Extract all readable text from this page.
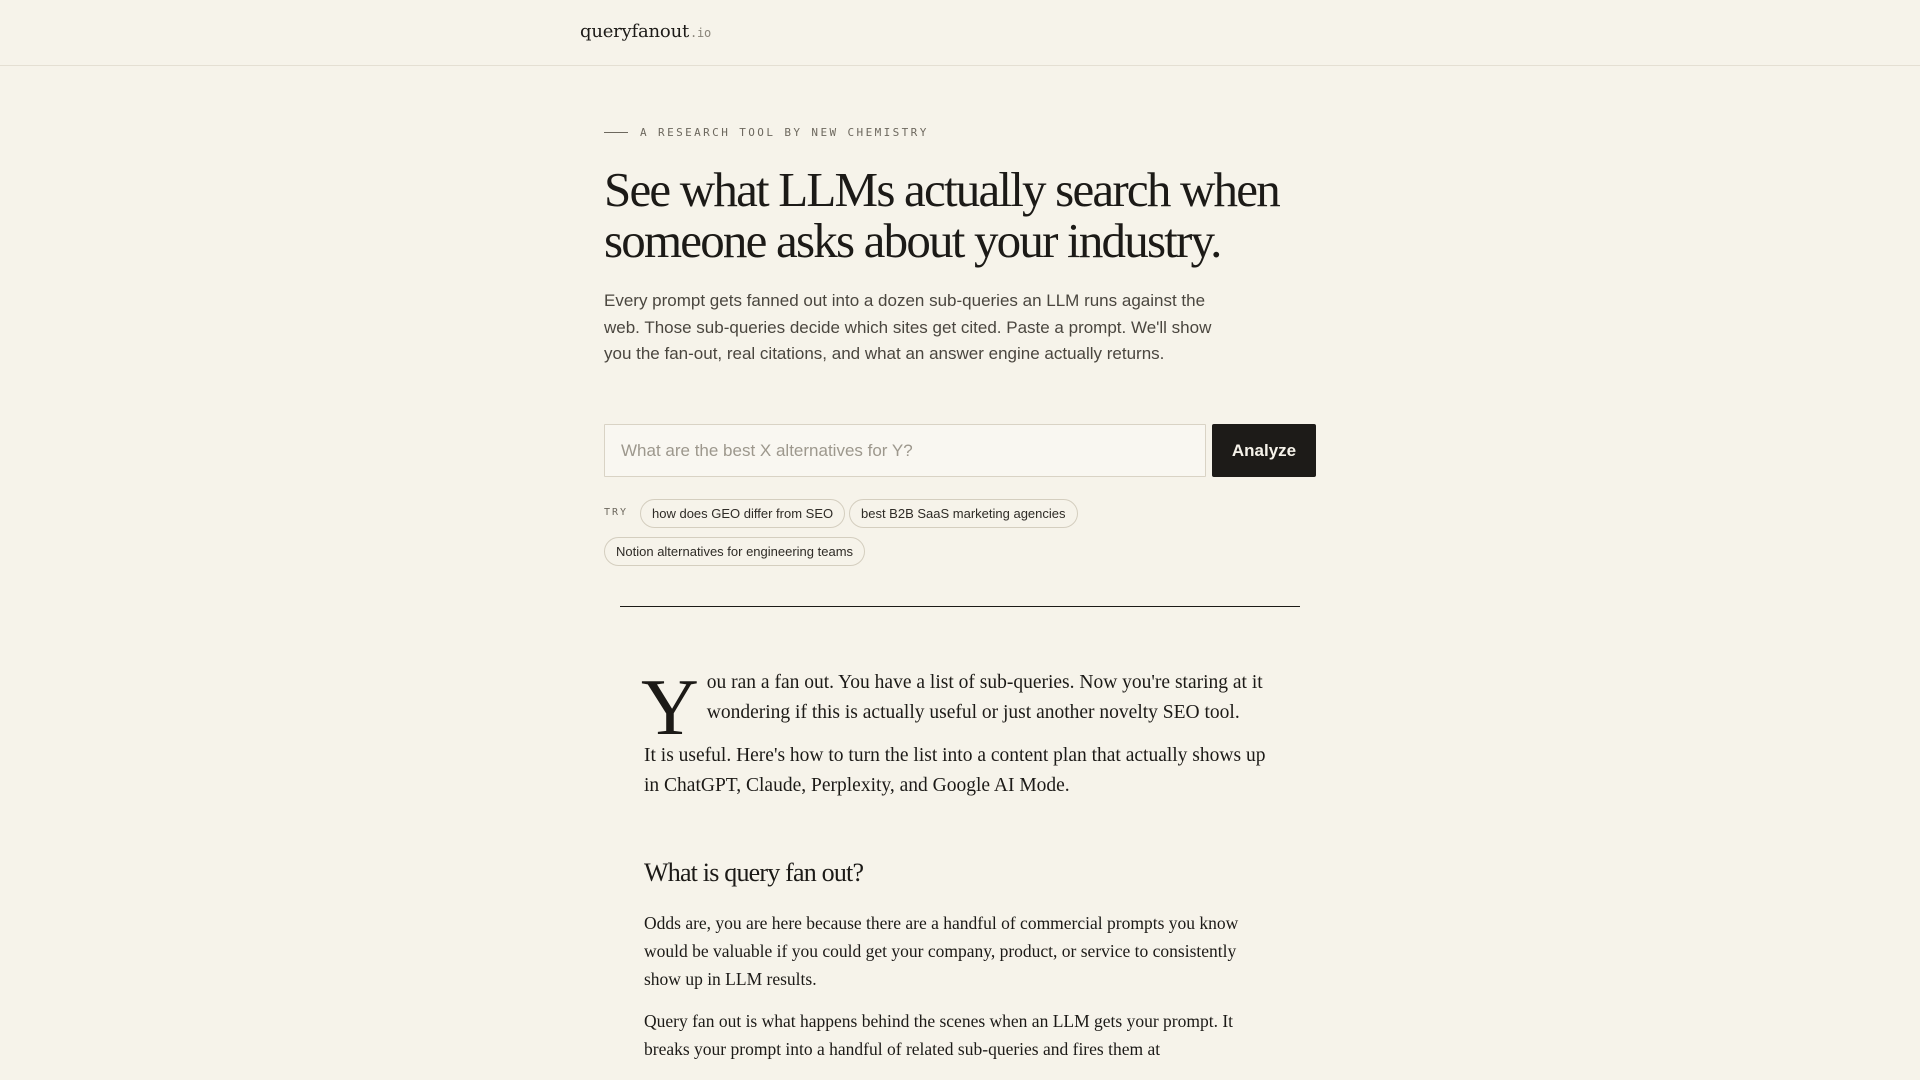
queryfanout.io
A RESEARCH TOOL BY NEW CHEMISTRY
See what LLMs actually search when someone asks about your industry.

Every prompt gets fanned out into a dozen sub-queries an LLM runs against the web. Those sub-queries decide which sites get cited. Paste a prompt. We'll show you the fan-out, real citations, and what an answer engine actually returns.

What are the best X alternatives for Y?
Analyze
TRY	how does GEO differ from SEO	best B2B SaaS marketing agencies
Notion alternatives for engineering teams

You ran a fan out. You have a list of sub-queries. Now you're staring at it wondering if this is actually useful or just another novelty SEO tool.

It is useful. Here's how to turn the list into a content plan that actually shows up in ChatGPT, Claude, Perplexity, and Google AI Mode.

What is query fan out?

Odds are, you are here because there are a handful of commercial prompts you know would be valuable if you could get your company, product, or service to consistently show up in LLM results.

Query fan out is what happens behind the scenes when an LLM gets your prompt. It breaks your prompt into a handful of related sub-queries and fires them at
